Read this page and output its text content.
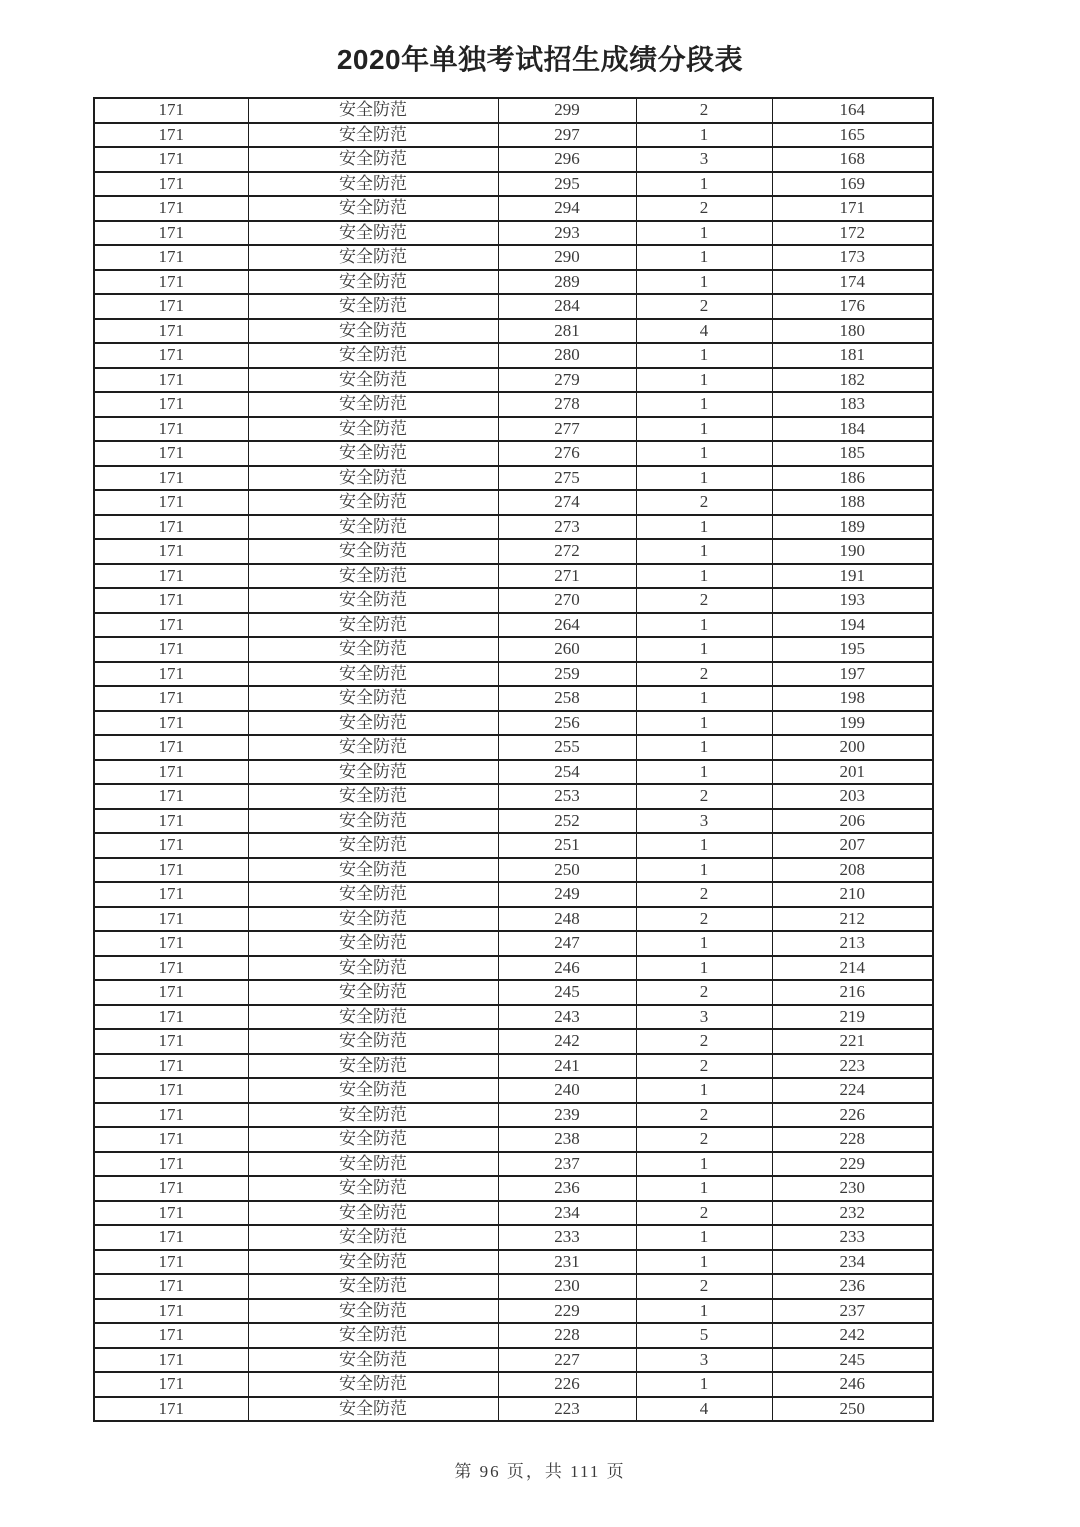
2020年单独考试招生成绩分段表
171	安全防范	299	2	164
171	安全防范	297	1	165
171	安全防范	296	3	168
171	安全防范	295	1	169
171	安全防范	294	2	171
171	安全防范	293	1	172
171	安全防范	290	1	173
171	安全防范	289	1	174
171	安全防范	284	2	176
171	安全防范	281	4	180
171	安全防范	280	1	181
171	安全防范	279	1	182
171	安全防范	278	1	183
171	安全防范	277	1	184
171	安全防范	276	1	185
171	安全防范	275	1	186
171	安全防范	274	2	188
171	安全防范	273	1	189
171	安全防范	272	1	190
171	安全防范	271	1	191
171	安全防范	270	2	193
171	安全防范	264	1	194
171	安全防范	260	1	195
171	安全防范	259	2	197
171	安全防范	258	1	198
171	安全防范	256	1	199
171	安全防范	255	1	200
171	安全防范	254	1	201
171	安全防范	253	2	203
171	安全防范	252	3	206
171	安全防范	251	1	207
171	安全防范	250	1	208
171	安全防范	249	2	210
171	安全防范	248	2	212
171	安全防范	247	1	213
171	安全防范	246	1	214
171	安全防范	245	2	216
171	安全防范	243	3	219
171	安全防范	242	2	221
171	安全防范	241	2	223
171	安全防范	240	1	224
171	安全防范	239	2	226
171	安全防范	238	2	228
171	安全防范	237	1	229
171	安全防范	236	1	230
171	安全防范	234	2	232
171	安全防范	233	1	233
171	安全防范	231	1	234
171	安全防范	230	2	236
171	安全防范	229	1	237
171	安全防范	228	5	242
171	安全防范	227	3	245
171	安全防范	226	1	246
171	安全防范	223	4	250
第 96 页，共 111 页
